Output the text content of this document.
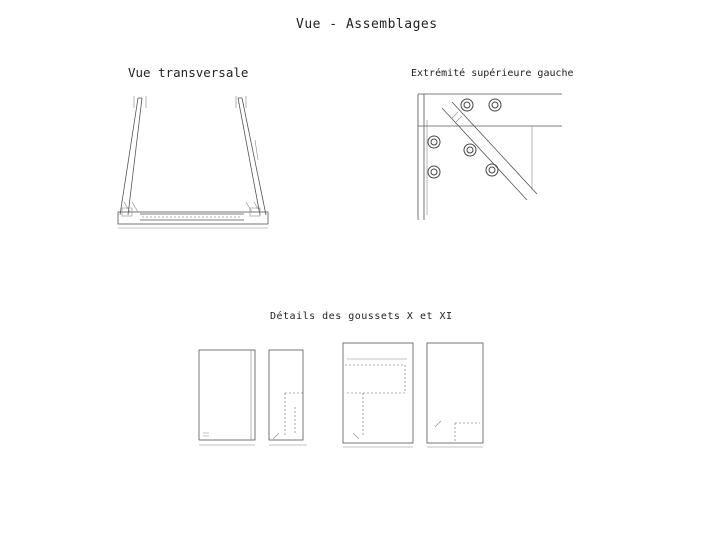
Vue - Assemblages
Vue transversale	Extrémité supérieure gauche
Détails des goussets X et XI
